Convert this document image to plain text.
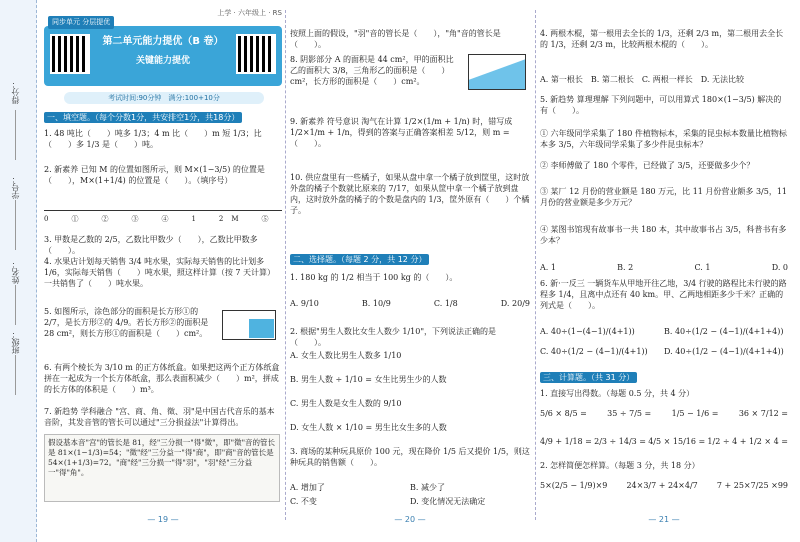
得分：
学号：
姓名：
班级：
上学 · 六年级上 · RS
同步单元 分层提优
第二单元能力提优（B 卷）
关键能力提优
考试时间:90分钟　满分:100+10分
一、填空题。（每个分数1分，共安排空1分，共18分）
1. 48 吨比（　　）吨多 1/3；4 m 比（　　）m 短 1/3；比（　　）多 1/3 是（　　）吨。
2. 新素养 已知 M 的位置如图所示，则 M×(1−3/5) 的位置是（　　），M×(1+1/4) 的位置是（　　）。（填序号）
0　①　②　③　④　1　2M　⑤
3. 甲数是乙数的 2/5，乙数比甲数少（　　），乙数比甲数多（　　）。
4. 水果店计划每天销售 3/4 吨水果，实际每天销售的比计划多 1/6，实际每天销售（　　）吨水果，照这样计算（按 7 天计算）一共销售了（　　）吨水果。
5. 如图所示，涂色部分的面积是长方形①的 2/7，是长方形②的 4/9。若长方形②的面积是 28 cm²，则长方形①的面积是（　　）cm²。
6. 有两个棱长为 3/10 m 的正方体纸盒。如果把这两个正方体纸盒拼在一起成为一个长方体纸盒，那么表面积减少（　　）m²，拼成的长方体的体积是（　　）m³。
7. 新趋势 学科融合 "宫、商、角、徵、羽"是中国古代音乐的基本音阶，其发音管的管长可以通过"三分损益法"计算得出。
假设基本音"宫"的管长是 81，经"三分损一"得"徵"，即"徵"音的管长是 81×(1−1/3)=54；"徵"经"三分益一"得"商"，即"商"音的管长是 54×(1+1/3)=72。"商"经"三分损一"得"羽"，"羽"经"三分益一"得"角"。
— 19 —
按照上面的假设，"羽"音的管长是（　　），"角"音的管长是（　　）。
8. 阴影部分 A 的面积是 44 cm²，甲的面积比乙的面积大 3/8，三角形乙的面积是（　　）cm²，长方形的面积是（　　）cm²。
9. 新素养 符号意识 淘气在计算 1/2×(1/m + 1/n) 时，错写成 1/2×1/m + 1/n，得到的答案与正确答案相差 5/12，则 m =（　　）。
10. 供应盘里有一些橘子，如果从盘中拿一个橘子放到筐里，这时放外盘的橘子个数就比原来的 7/17，如果从筐中拿一个橘子放到盘内，这时放外盘的橘子的个数是盘内的 1/3，筐外原有（　　）个橘子。
二、选择题。（每题 2 分，共 12 分）
1. 180 kg 的 1/2 相当于 100 kg 的（　　）。
A. 9/10	B. 10/9	C. 1/8	D. 20/9
2. 根据"男生人数比女生人数少 1/10"，下列说法正确的是（　　）。
A. 女生人数比男生人数多 1/10
B. 男生人数 ÷ 1/10 = 女生比男生少的人数
C. 男生人数是女生人数的 9/10
D. 女生人数 × 1/10 = 男生比女生多的人数
3. 商场的某种玩具原价 100 元，现在降价 1/5 后又提价 1/5，则这种玩具的销售额（　　）。
A. 增加了	B. 减少了
C. 不变	D. 变化情况无法确定
— 20 —
4. 两根木棍，第一根用去全长的 1/3，还剩 2/3 m，第二根用去全长的 1/3，还剩 2/3 m，比较两根木棍的（　　）。
A. 第一根长　B. 第二根长　C. 两根一样长　D. 无法比较
5. 新趋势 算理理解 下列问题中，可以用算式 180×(1−3/5) 解决的有（　　）。
① 六年级同学采集了 180 件植物标本，采集的昆虫标本数量比植物标本多 3/5，六年级同学采集了多少件昆虫标本？
② 李师傅做了 180 个零件，已经做了 3/5，还要做多少个？
③ 某厂 12 月份的营业额是 180 万元，比 11 月份营业额多 3/5，11 月份的营业额是多少万元？
④ 某图书馆现有故事书一共 180 本，其中故事书占 3/5，科普书有多少本？
A. 1	B. 2	C. 1	D. 0
6. 新·一反三 一辆货车从甲地开往乙地，3/4 行驶的路程比未行驶的路程多 1/4，且离中点还有 40 km。甲、乙两地相距多少千米？正确的列式是（　　）。
A. 40÷(1−(4−1)/(4+1))	B. 40÷(1/2 − (4−1)/(4+1+4))
C. 40÷(1/2 − (4−1)/(4+1)) D. 40÷(1/2 − (4−1)/(4+1+4))
三、计算题。（共 31 分）
1. 直接写出得数。（每题 0.5 分，共 4 分）
5/6 × 8/5 =	35 ÷ 7/5 =	1/5 − 1/6 =	36 × 7/12 =
4/9 + 1/18 = 2/3 ÷ 14/3 = 4/5 × 15/16 = 1/2 ÷ 4 + 1/2 × 4 =
2. 怎样简便怎样算。（每题 3 分，共 18 分）
5×(2/5 − 1/9)×9 24×3/7 + 24×4/7 7 + 25×7/25 ×99
— 21 —
